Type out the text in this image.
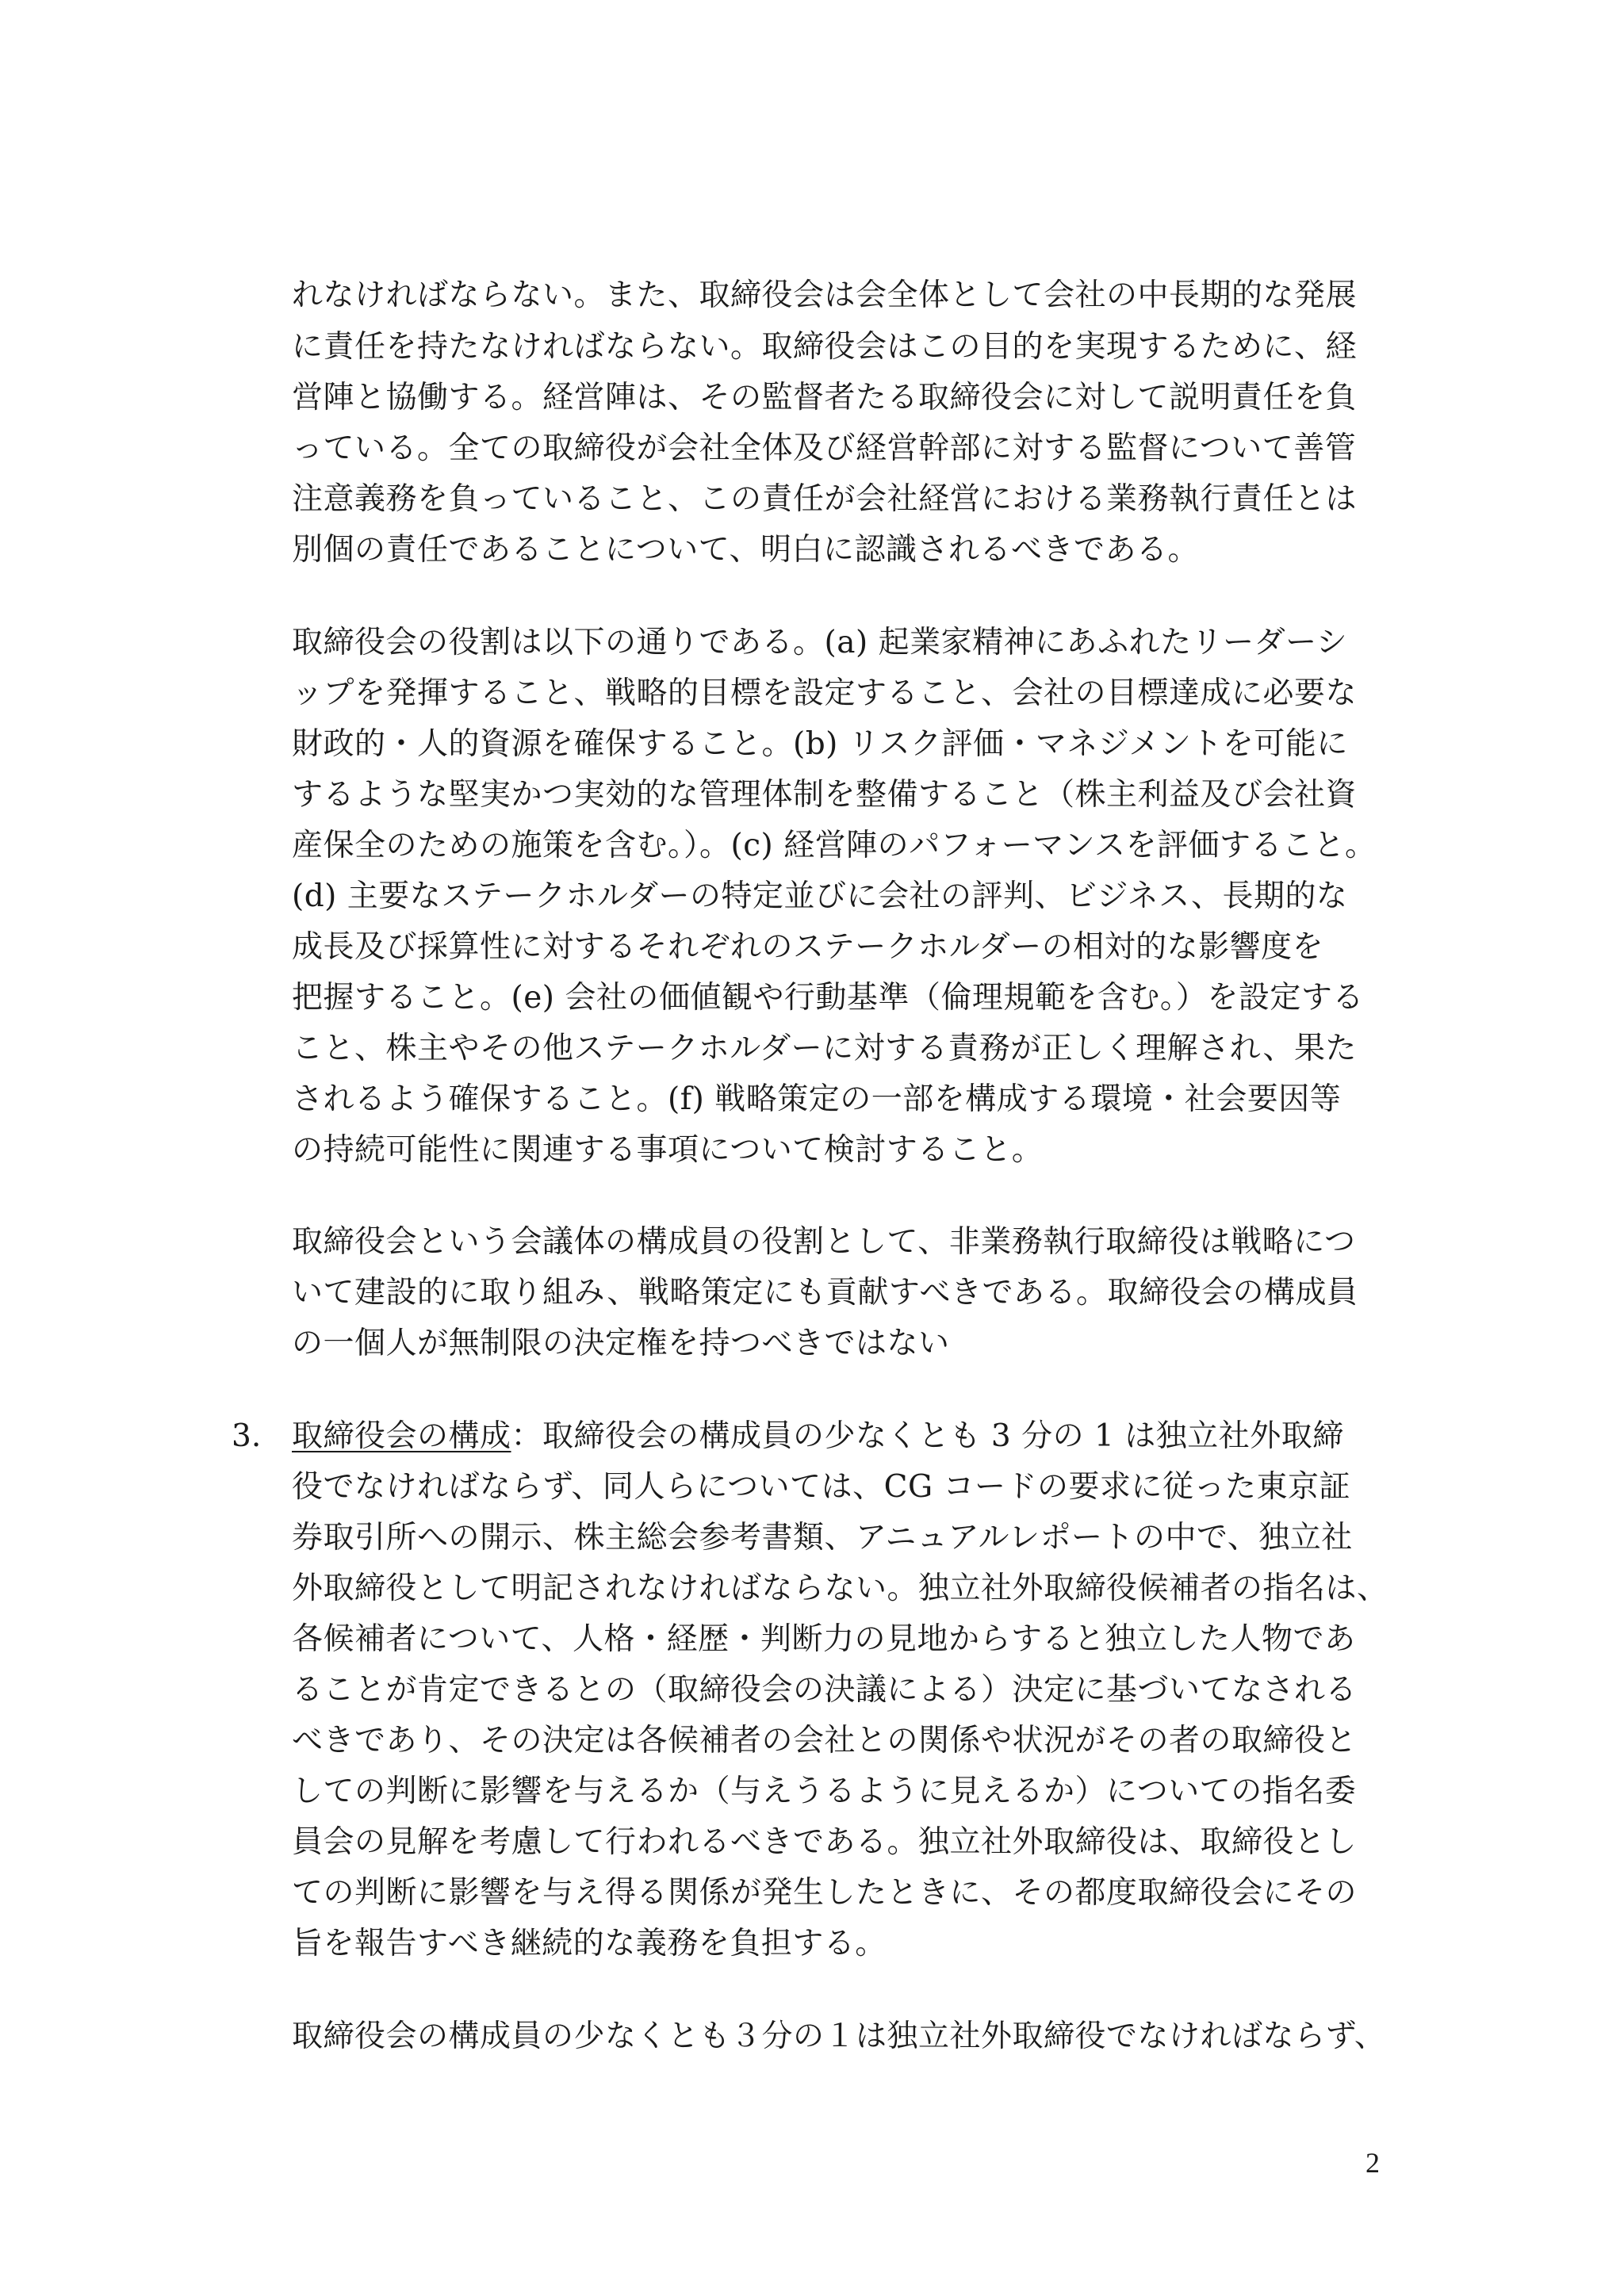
れなければならない。また、取締役会は会全体として会社の中長期的な発展
に責任を持たなければならない。取締役会はこの目的を実現するために、経
営陣と協働する。経営陣は、その監督者たる取締役会に対して説明責任を負
っている。全ての取締役が会社全体及び経営幹部に対する監督について善管
注意義務を負っていること、この責任が会社経営における業務執行責任とは
別個の責任であることについて、明白に認識されるべきである。
取締役会の役割は以下の通りである。(a) 起業家精神にあふれたリーダーシ
ップを発揮すること、戦略的目標を設定すること、会社の目標達成に必要な
財政的・人的資源を確保すること。(b) リスク評価・マネジメントを可能に
するような堅実かつ実効的な管理体制を整備すること（株主利益及び会社資
産保全のための施策を含む。）。(c) 経営陣のパフォーマンスを評価すること。
(d) 主要なステークホルダーの特定並びに会社の評判、ビジネス、長期的な
成長及び採算性に対するそれぞれのステークホルダーの相対的な影響度を
把握すること。(e) 会社の価値観や行動基準（倫理規範を含む。）を設定する
こと、株主やその他ステークホルダーに対する責務が正しく理解され、果た
されるよう確保すること。(f) 戦略策定の一部を構成する環境・社会要因等
の持続可能性に関連する事項について検討すること。
取締役会という会議体の構成員の役割として、非業務執行取締役は戦略につ
いて建設的に取り組み、戦略策定にも貢献すべきである。取締役会の構成員
の一個人が無制限の決定権を持つべきではない
3. 取締役会の構成：取締役会の構成員の少なくとも 3 分の 1 は独立社外取締
役でなければならず、同人らについては、CG コードの要求に従った東京証
券取引所への開示、株主総会参考書類、アニュアルレポートの中で、独立社
外取締役として明記されなければならない。独立社外取締役候補者の指名は、
各候補者について、人格・経歴・判断力の見地からすると独立した人物であ
ることが肯定できるとの（取締役会の決議による）決定に基づいてなされる
べきであり、その決定は各候補者の会社との関係や状況がその者の取締役と
しての判断に影響を与えるか（与えうるように見えるか）についての指名委
員会の見解を考慮して行われるべきである。独立社外取締役は、取締役とし
ての判断に影響を与え得る関係が発生したときに、その都度取締役会にその
旨を報告すべき継続的な義務を負担する。
取締役会の構成員の少なくとも３分の１は独立社外取締役でなければならず、
2
